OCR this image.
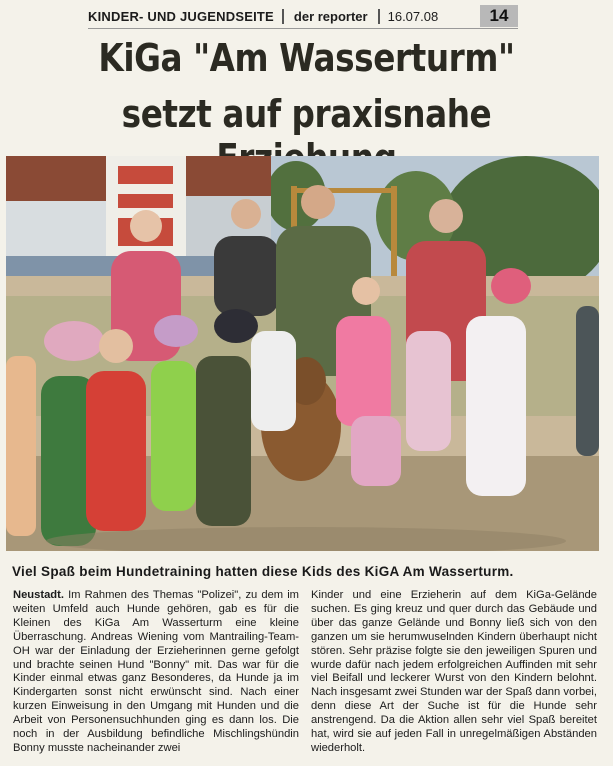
KINDER- UND JUGENDSEITE	der reporter	16.07.08	14
KiGa "Am Wasserturm"
setzt auf praxisnahe
Viel Spaß beim Hundetraining hatten diese Kids des KiGA Am Wasserturm.
Neustadt. Im Rahmen des Themas "Polizei", zu dem im weiten Umfeld auch Hunde gehören, gab es für die Kleinen des KiGa Am Wasserturm eine kleine Überraschung. Andreas Wiening vom Mantrailing-Team-OH war der Einladung der Erzieherinnen gerne gefolgt und brachte seinen Hund "Bonny" mit. Das war für die Kinder einmal etwas ganz Besonderes, da Hunde ja im Kindergarten sonst nicht erwünscht sind. Nach einer kurzen Einweisung in den Umgang mit Hunden und die Arbeit von Personensuchhunden ging es dann los. Die noch in der Ausbildung befindliche Mischlingshündin Bonny musste nacheinander zwei
Kinder und eine Erzieherin auf dem KiGa-Gelände suchen. Es ging kreuz und quer durch das Gebäude und über das ganze Gelände und Bonny ließ sich von den ganzen um sie herumwuselnden Kindern überhaupt nicht stören. Sehr präzise folgte sie den jeweiligen Spuren und wurde dafür nach jedem erfolgreichen Auffinden mit sehr viel Beifall und leckerer Wurst von den Kindern belohnt. Nach insgesamt zwei Stunden war der Spaß dann vorbei, denn diese Art der Suche ist für die Hunde sehr anstrengend. Da die Aktion allen sehr viel Spaß bereitet hat, wird sie auf jeden Fall in unregelmäßigen Abständen wiederholt.
